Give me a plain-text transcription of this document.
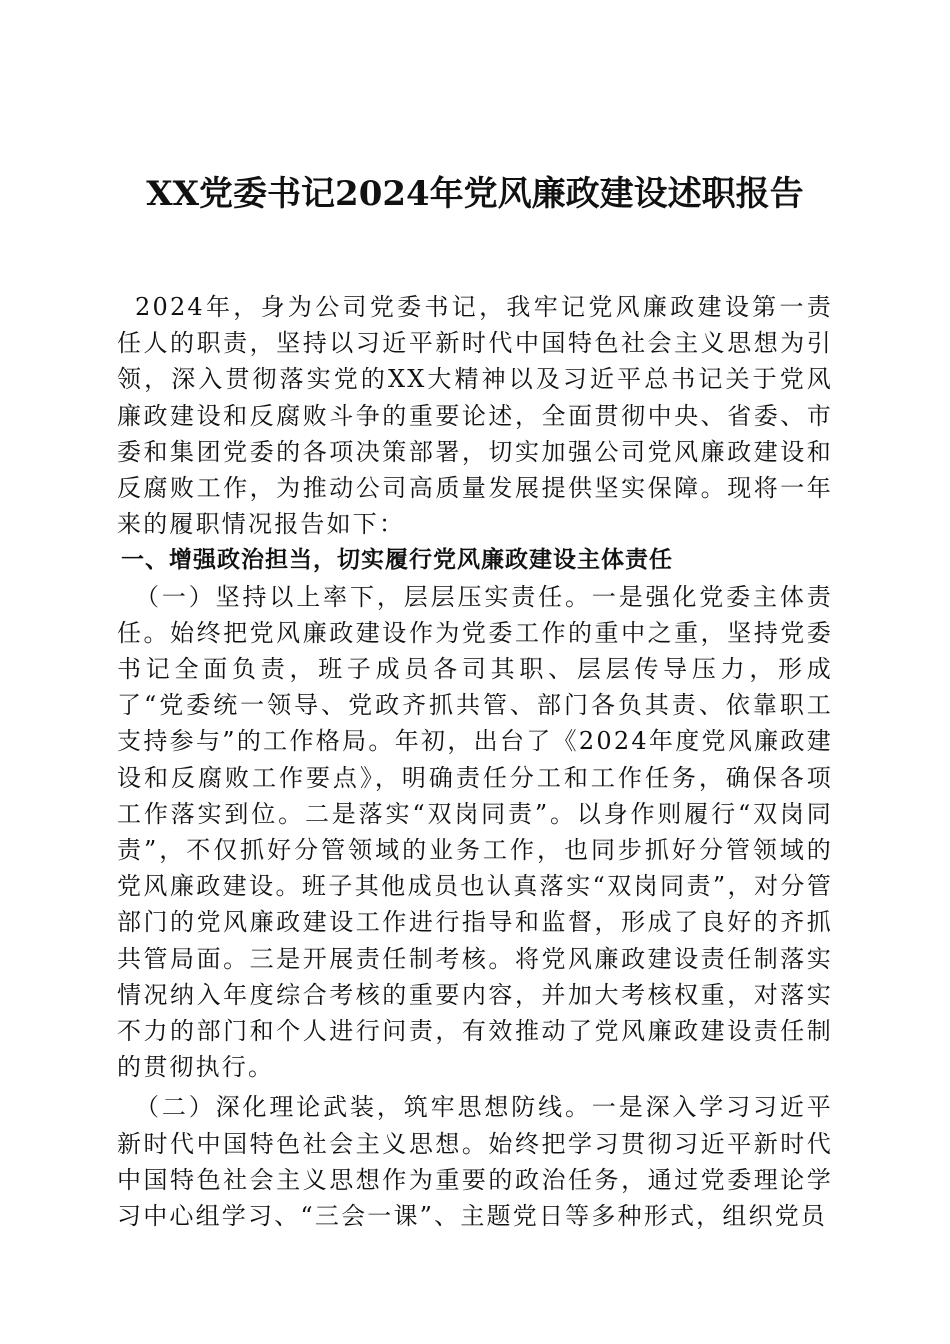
XX党委书记2024年党风廉政建设述职报告

2024年，身为公司党委书记，我牢记党风廉政建设第一责任人的职责，坚持以习近平新时代中国特色社会主义思想为引领，深入贯彻落实党的XX大精神以及习近平总书记关于党风廉政建设和反腐败斗争的重要论述，全面贯彻中央、省委、市委和集团党委的各项决策部署，切实加强公司党风廉政建设和反腐败工作，为推动公司高质量发展提供坚实保障。现将一年来的履职情况报告如下：

一、增强政治担当，切实履行党风廉政建设主体责任

（一）坚持以上率下，层层压实责任。一是强化党委主体责任。始终把党风廉政建设作为党委工作的重中之重，坚持党委书记全面负责，班子成员各司其职、层层传导压力，形成了“党委统一领导、党政齐抓共管、部门各负其责、依靠职工支持参与”的工作格局。年初，出台了《2024年度党风廉政建设和反腐败工作要点》，明确责任分工和工作任务，确保各项工作落实到位。二是落实“双岗同责”。以身作则履行“双岗同责”，不仅抓好分管领域的业务工作，也同步抓好分管领域的党风廉政建设。班子其他成员也认真落实“双岗同责”，对分管部门的党风廉政建设工作进行指导和监督，形成了良好的齐抓共管局面。三是开展责任制考核。将党风廉政建设责任制落实情况纳入年度综合考核的重要内容，并加大考核权重，对落实不力的部门和个人进行问责，有效推动了党风廉政建设责任制的贯彻执行。

（二）深化理论武装，筑牢思想防线。一是深入学习习近平新时代中国特色社会主义思想。始终把学习贯彻习近平新时代中国特色社会主义思想作为重要的政治任务，通过党委理论学习中心组学习、“三会一课”、主题党日等多种形式，组织党员
